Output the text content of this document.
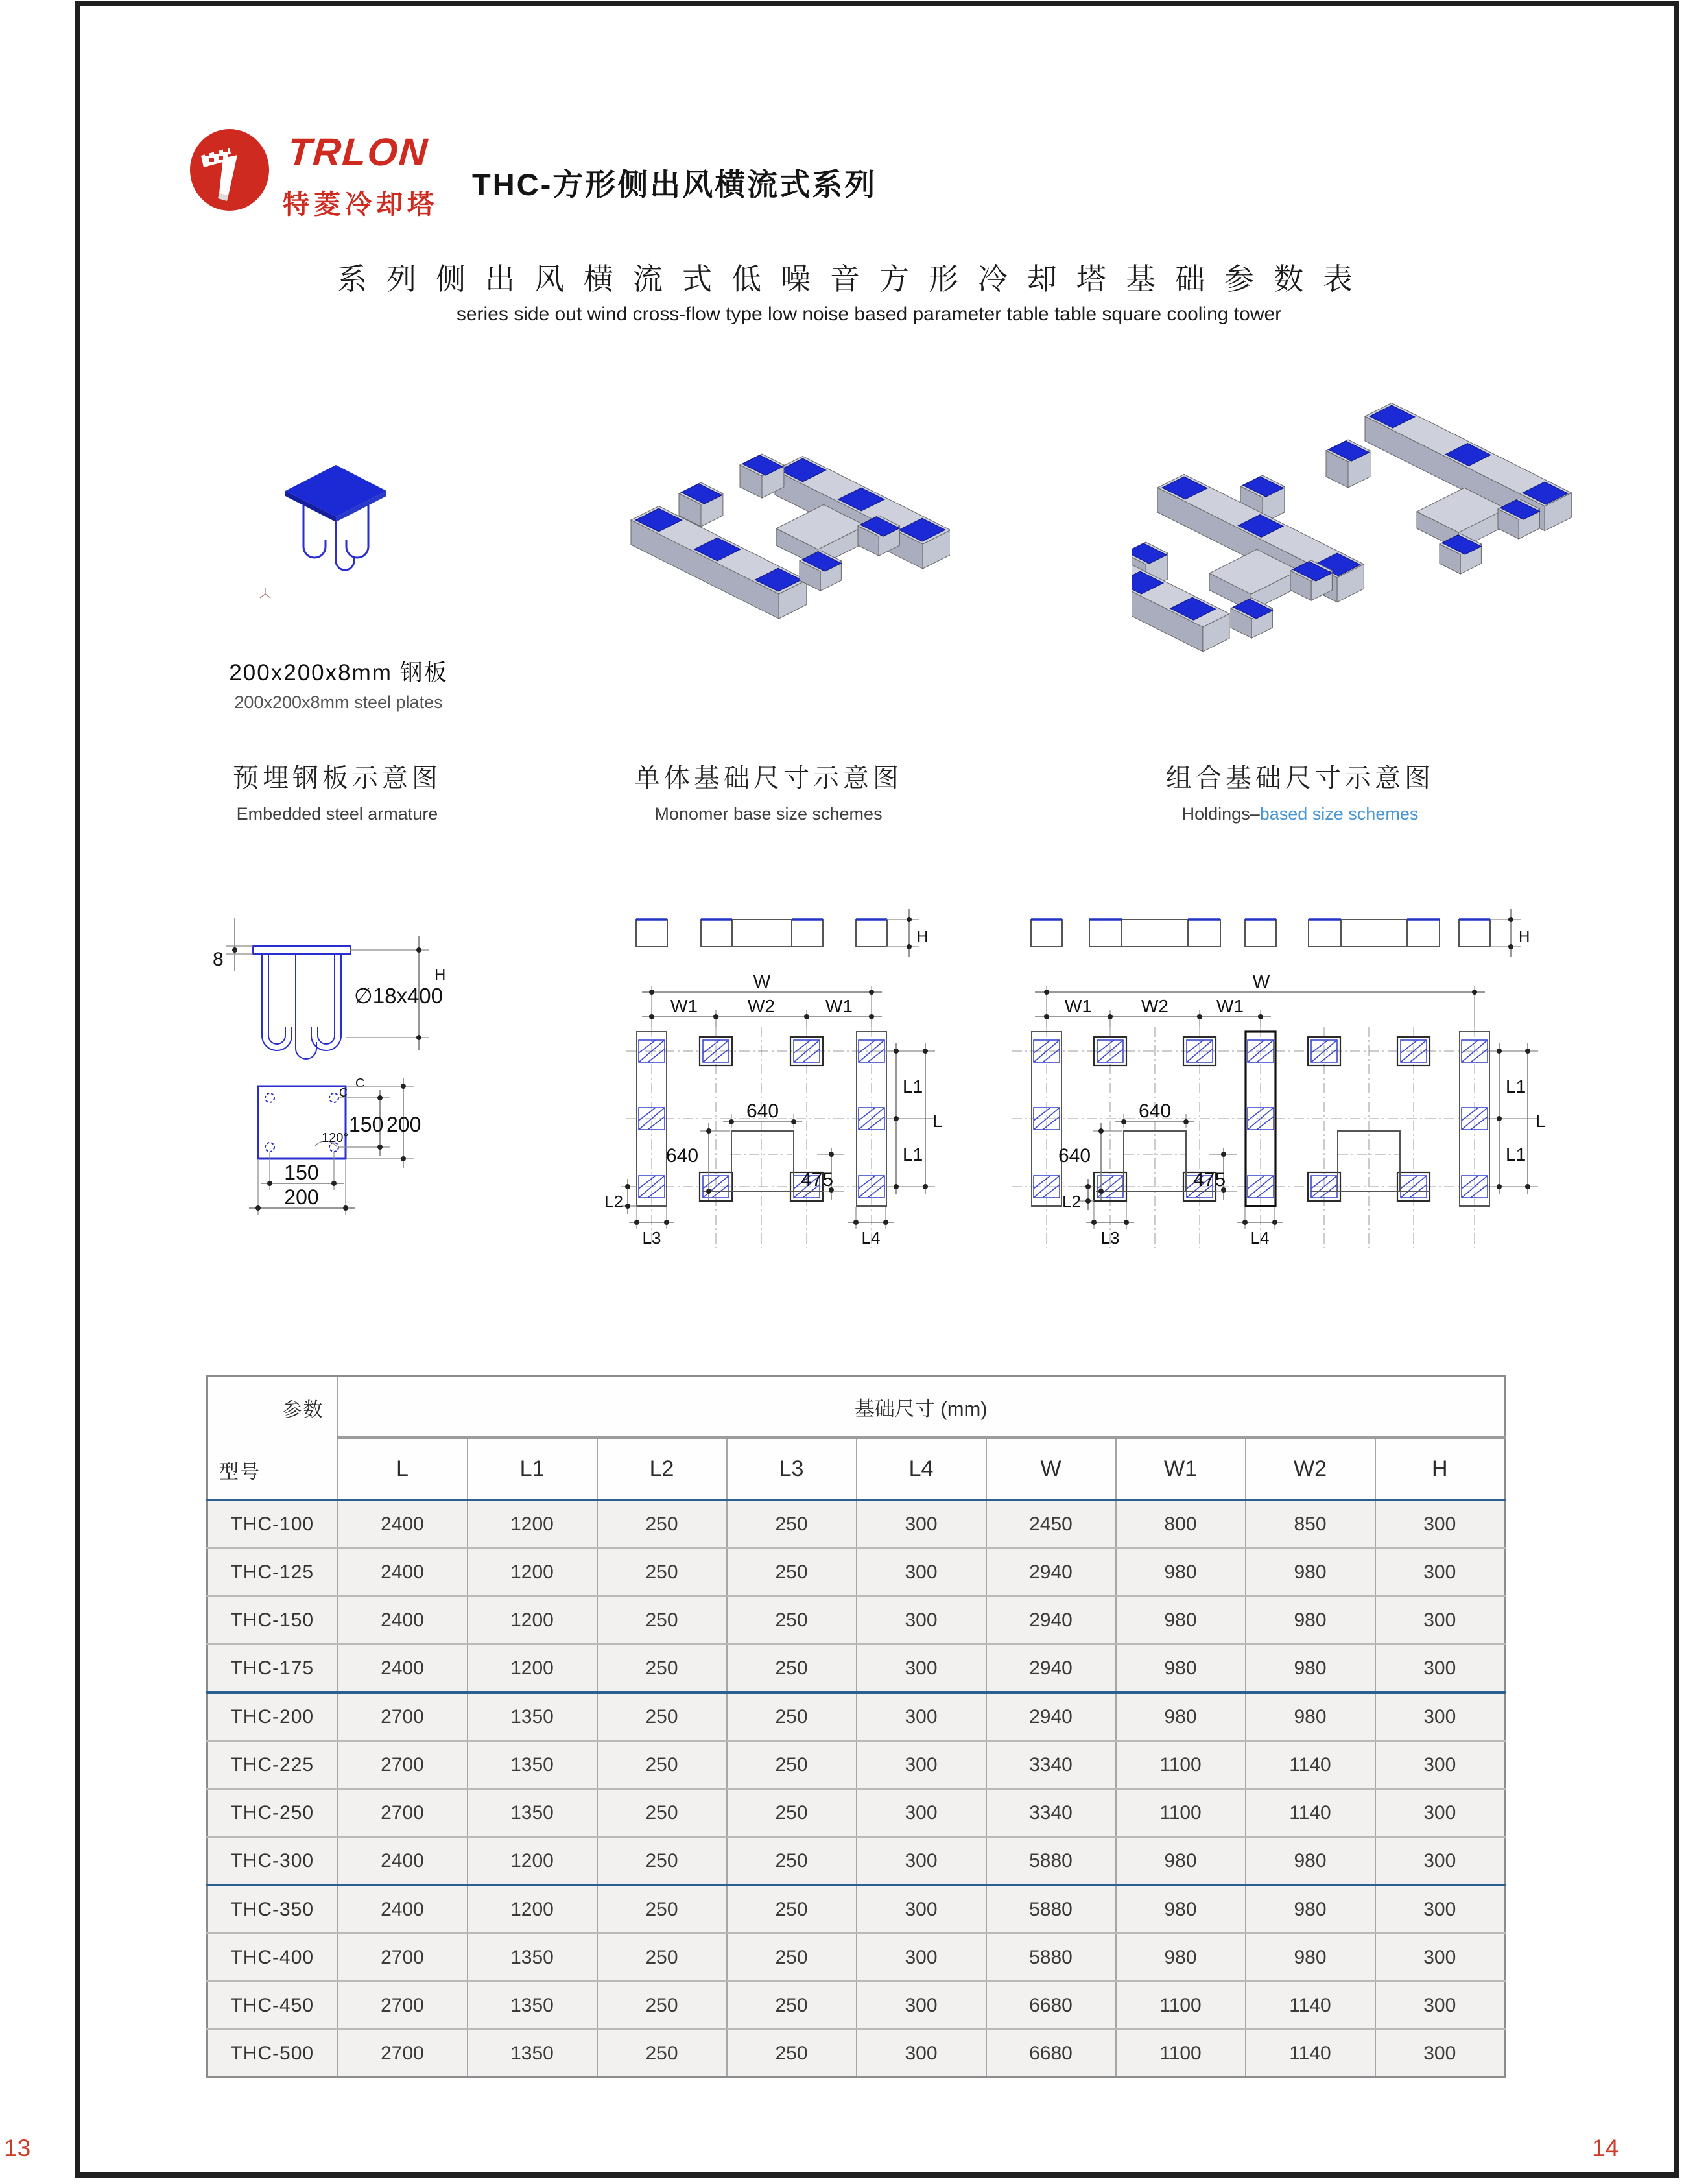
TRLON
特菱冷却塔
THC-方形侧出风横流式系列
系列侧出风横流式低噪音方形冷却塔基础参数表
series side out wind cross-flow type low noise based parameter table table square cooling tower
200x200x8mm 钢板
200x200x8mm steel plates
预埋钢板示意图
Embedded steel armature
单体基础尺寸示意图
Monomer base size schemes
组合基础尺寸示意图
Holdings–based size schemes
8
H
∅18x400
C
C
150 200
120°
150
200
W
W1	W2	W1
640
640
475
L1
L1
L
L2
L3	L4
H
W
W1	W2	W1
640
640
475
L1
L1
L
L2
L3	L4
H
参数
型号	基础尺寸 (mm)								
	L	L1	L2	L3	L4	W	W1	W2	H
THC-100	2400	1200	250	250	300	2450	800	850	300
THC-125	2400	1200	250	250	300	2940	980	980	300
THC-150	2400	1200	250	250	300	2940	980	980	300
THC-175	2400	1200	250	250	300	2940	980	980	300
THC-200	2700	1350	250	250	300	2940	980	980	300
THC-225	2700	1350	250	250	300	3340	1100	1140	300
THC-250	2700	1350	250	250	300	3340	1100	1140	300
THC-300	2400	1200	250	250	300	5880	980	980	300
THC-350	2400	1200	250	250	300	5880	980	980	300
THC-400	2700	1350	250	250	300	5880	980	980	300
THC-450	2700	1350	250	250	300	6680	1100	1140	300
THC-500	2700	1350	250	250	300	6680	1100	1140	300
13	14
